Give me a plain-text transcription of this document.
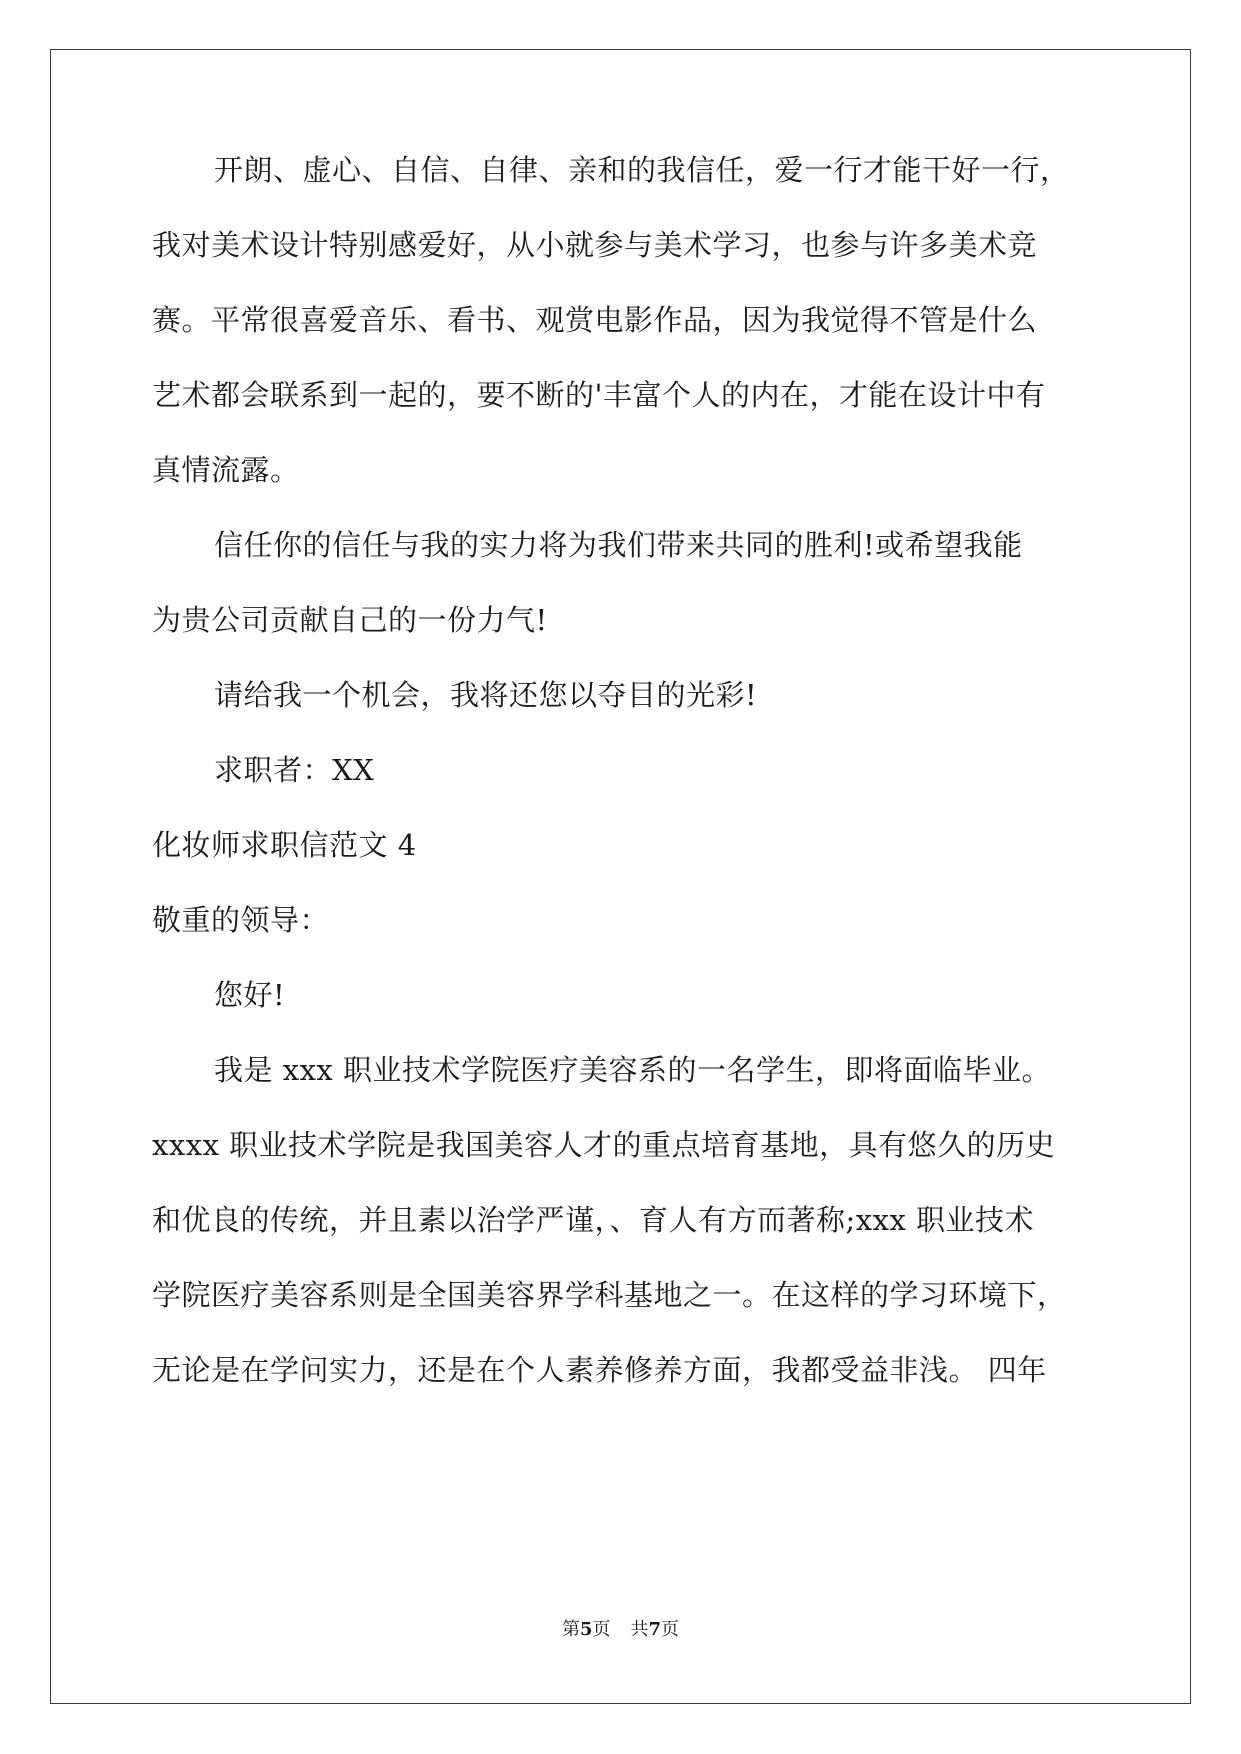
开朗、虚心、自信、自律、亲和的我信任，爱一行才能干好一行，
我对美术设计特别感爱好，从小就参与美术学习，也参与许多美术竞
赛。平常很喜爱音乐、看书、观赏电影作品，因为我觉得不管是什么
艺术都会联系到一起的，要不断的'丰富个人的内在，才能在设计中有
真情流露。
信任你的信任与我的实力将为我们带来共同的胜利!或希望我能
为贵公司贡献自己的一份力气!
请给我一个机会，我将还您以夺目的光彩!
求职者：XX
化妆师求职信范文 4
敬重的领导：
您好!
我是 xxx 职业技术学院医疗美容系的一名学生，即将面临毕业。
xxxx 职业技术学院是我国美容人才的重点培育基地，具有悠久的历史
和优良的传统，并且素以治学严谨，、育人有方而著称;xxx 职业技术
学院医疗美容系则是全国美容界学科基地之一。在这样的学习环境下，
无论是在学问实力，还是在个人素养修养方面，我都受益非浅。 四年
第5页 共7页
